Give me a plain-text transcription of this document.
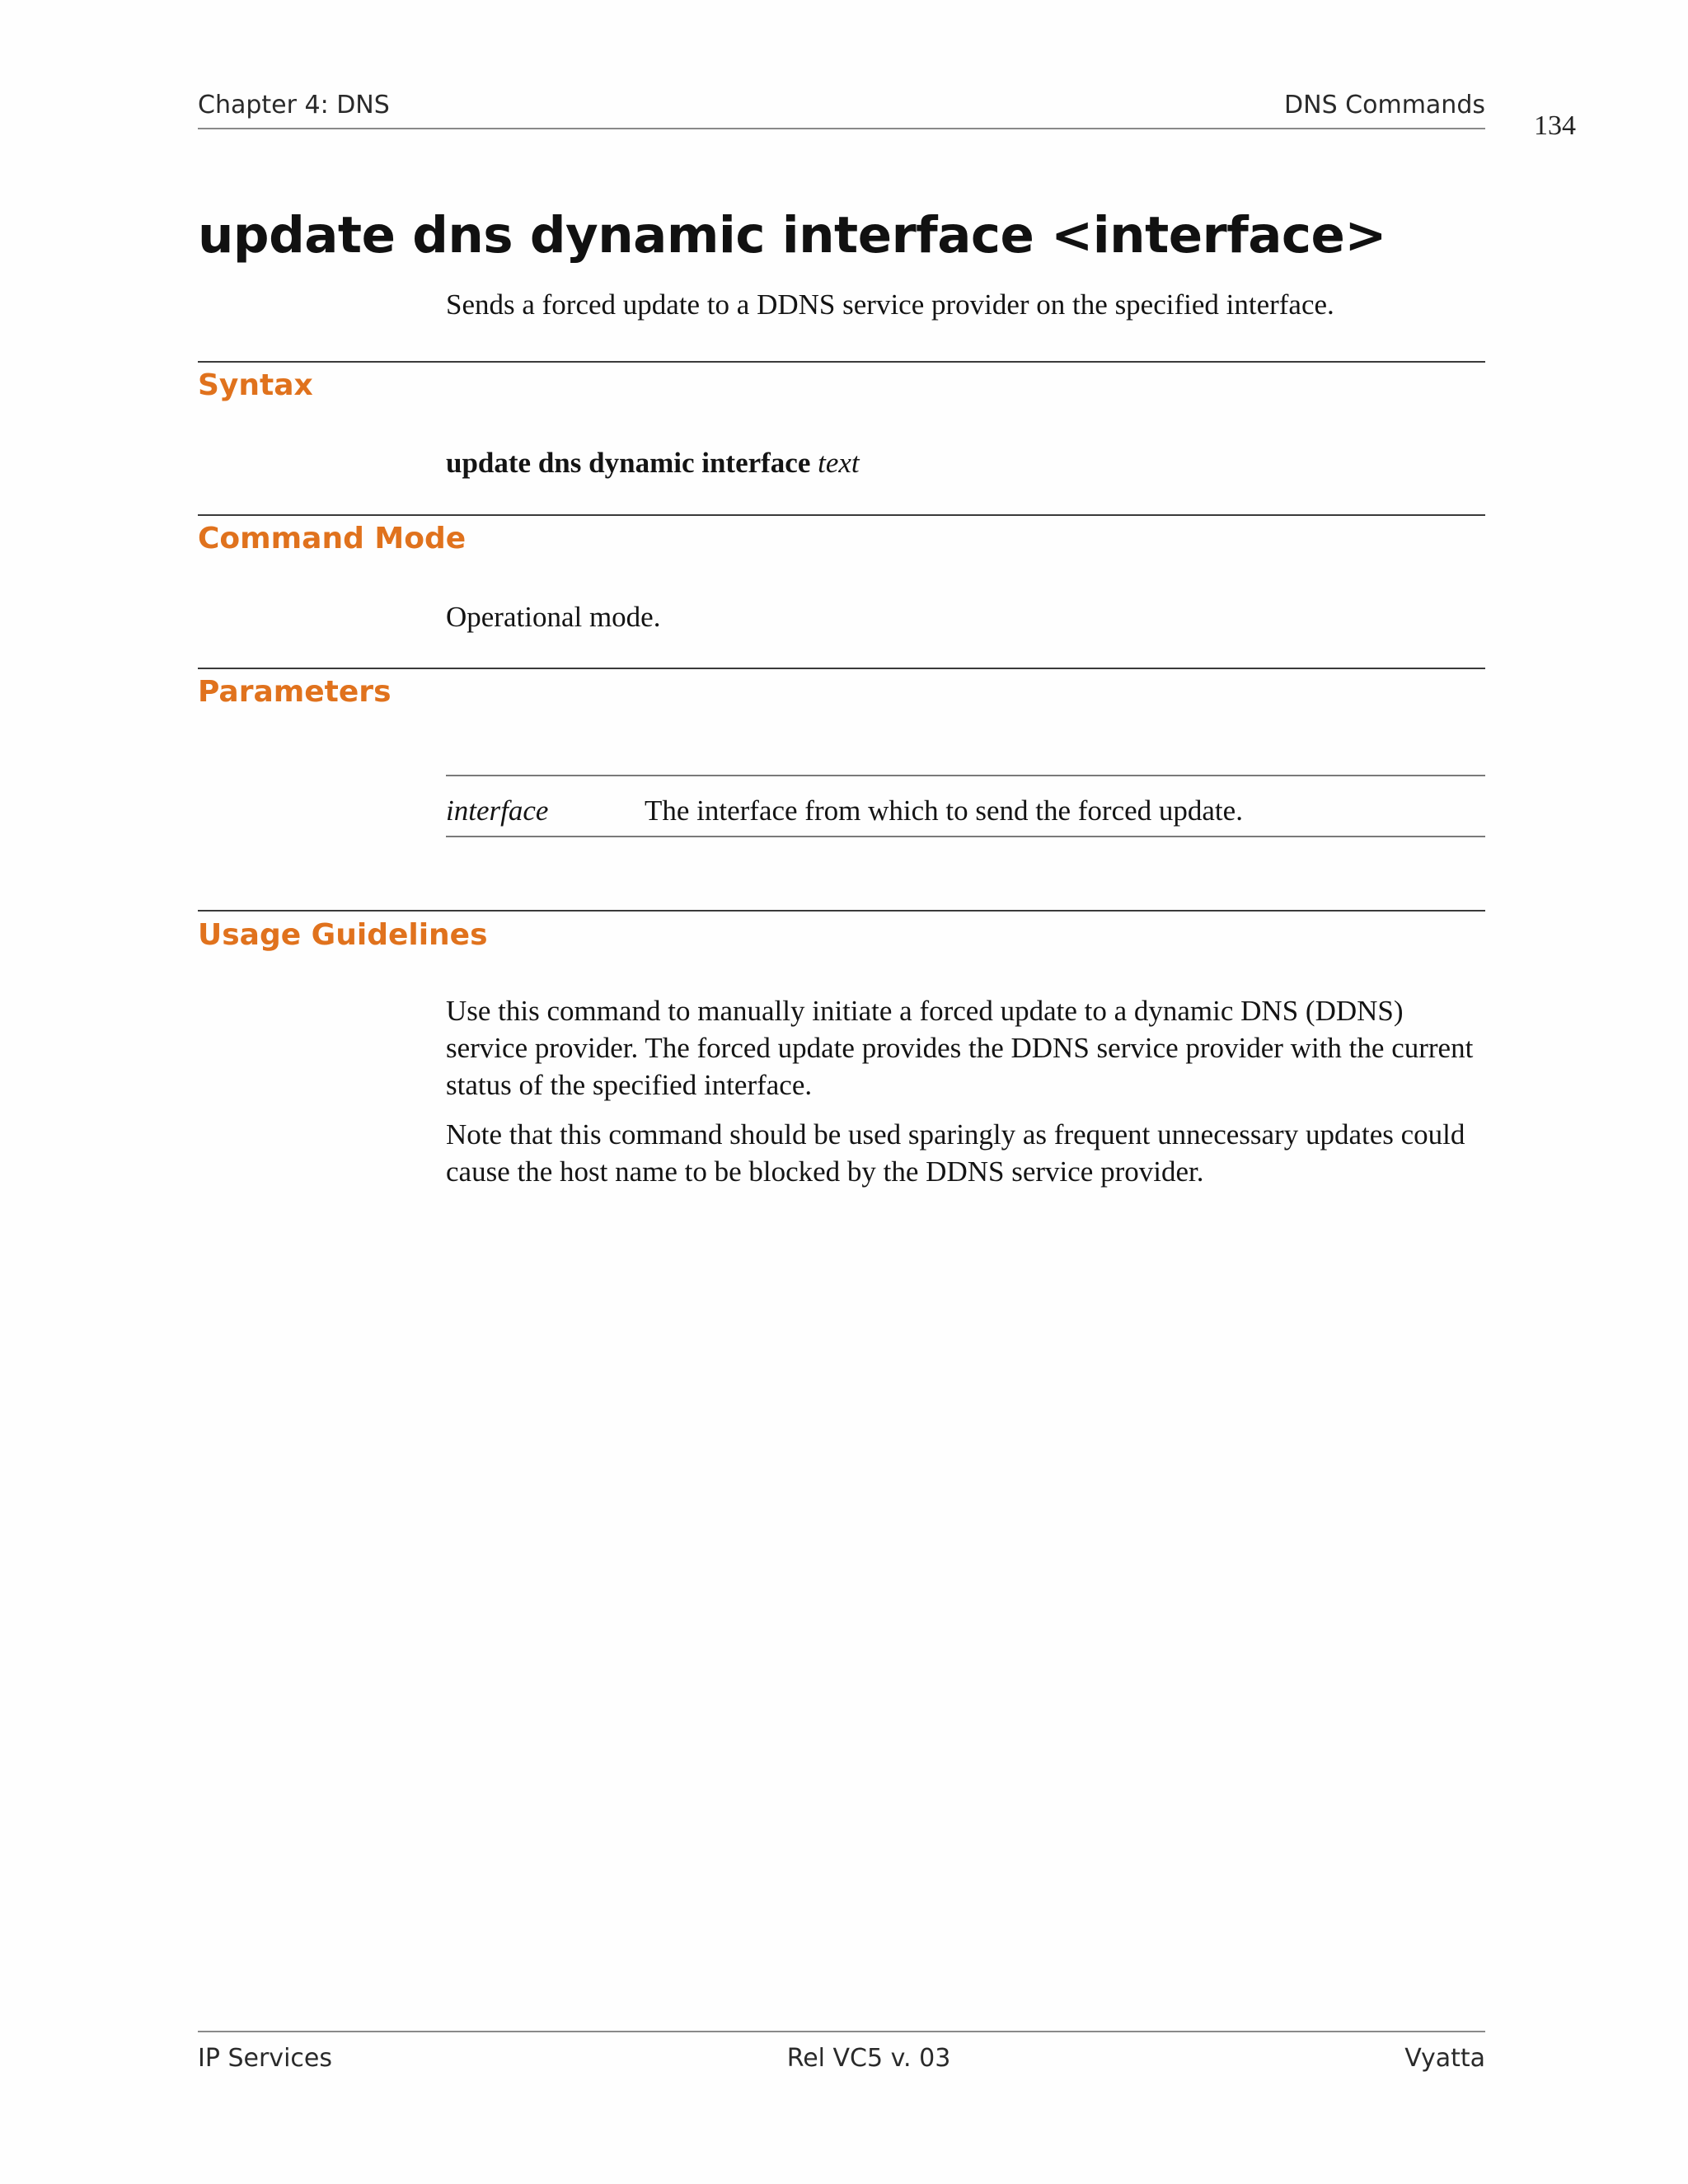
Chapter 4: DNS	DNS Commands
134
update dns dynamic interface <interface>
Sends a forced update to a DDNS service provider on the specified interface.
Syntax
update dns dynamic interface text
Command Mode
Operational mode.
Parameters
interface	The interface from which to send the forced update.
Usage Guidelines
Use this command to manually initiate a forced update to a dynamic DNS (DDNS) service provider. The forced update provides the DDNS service provider with the current status of the specified interface.
Note that this command should be used sparingly as frequent unnecessary updates could cause the host name to be blocked by the DDNS service provider.
IP Services	Rel VC5 v. 03	Vyatta
